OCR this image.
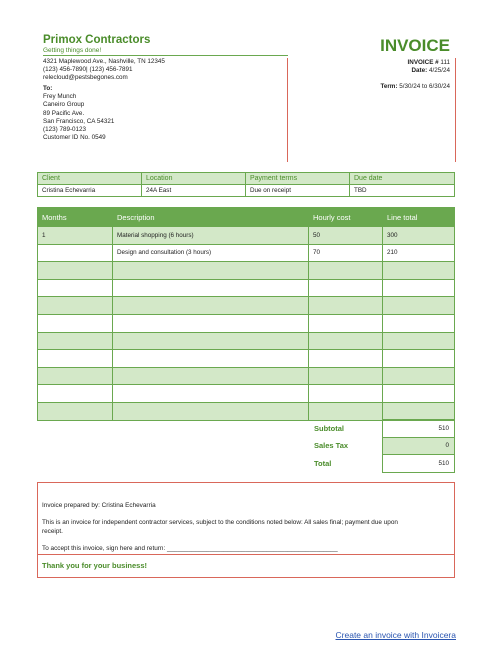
Primox Contractors
Getting things done!	INVOICE
4321 Maplewood Ave., Nashville, TN 12345
(123) 456-7890| (123) 456-7891
relecloud@pestsbegones.com
To:
Frey Munch
Caneiro Group
89 Pacific Ave.
San Francisco, CA 54321
(123) 789-0123
Customer ID No. 0549
INVOICE # 111
Date: 4/25/24
Term: 5/30/24 to 6/30/24
Client	Location	Payment terms	Due date
Cristina Echevarria	24A East	Due on receipt	TBD
Months	Description	Hourly cost	Line total
1	Material shopping (6 hours)	50	300
	Design and consultation (3 hours)	70	210

Subtotal	510
Sales Tax	0
Total	510
Invoice prepared by: Cristina Echevarria
This is an invoice for independent contractor services, subject to the conditions noted below: All sales final; payment due upon
receipt.
To accept this invoice, sign here and return: ________________________________________________
Thank you for your business!
Create an invoice with Invoicera
